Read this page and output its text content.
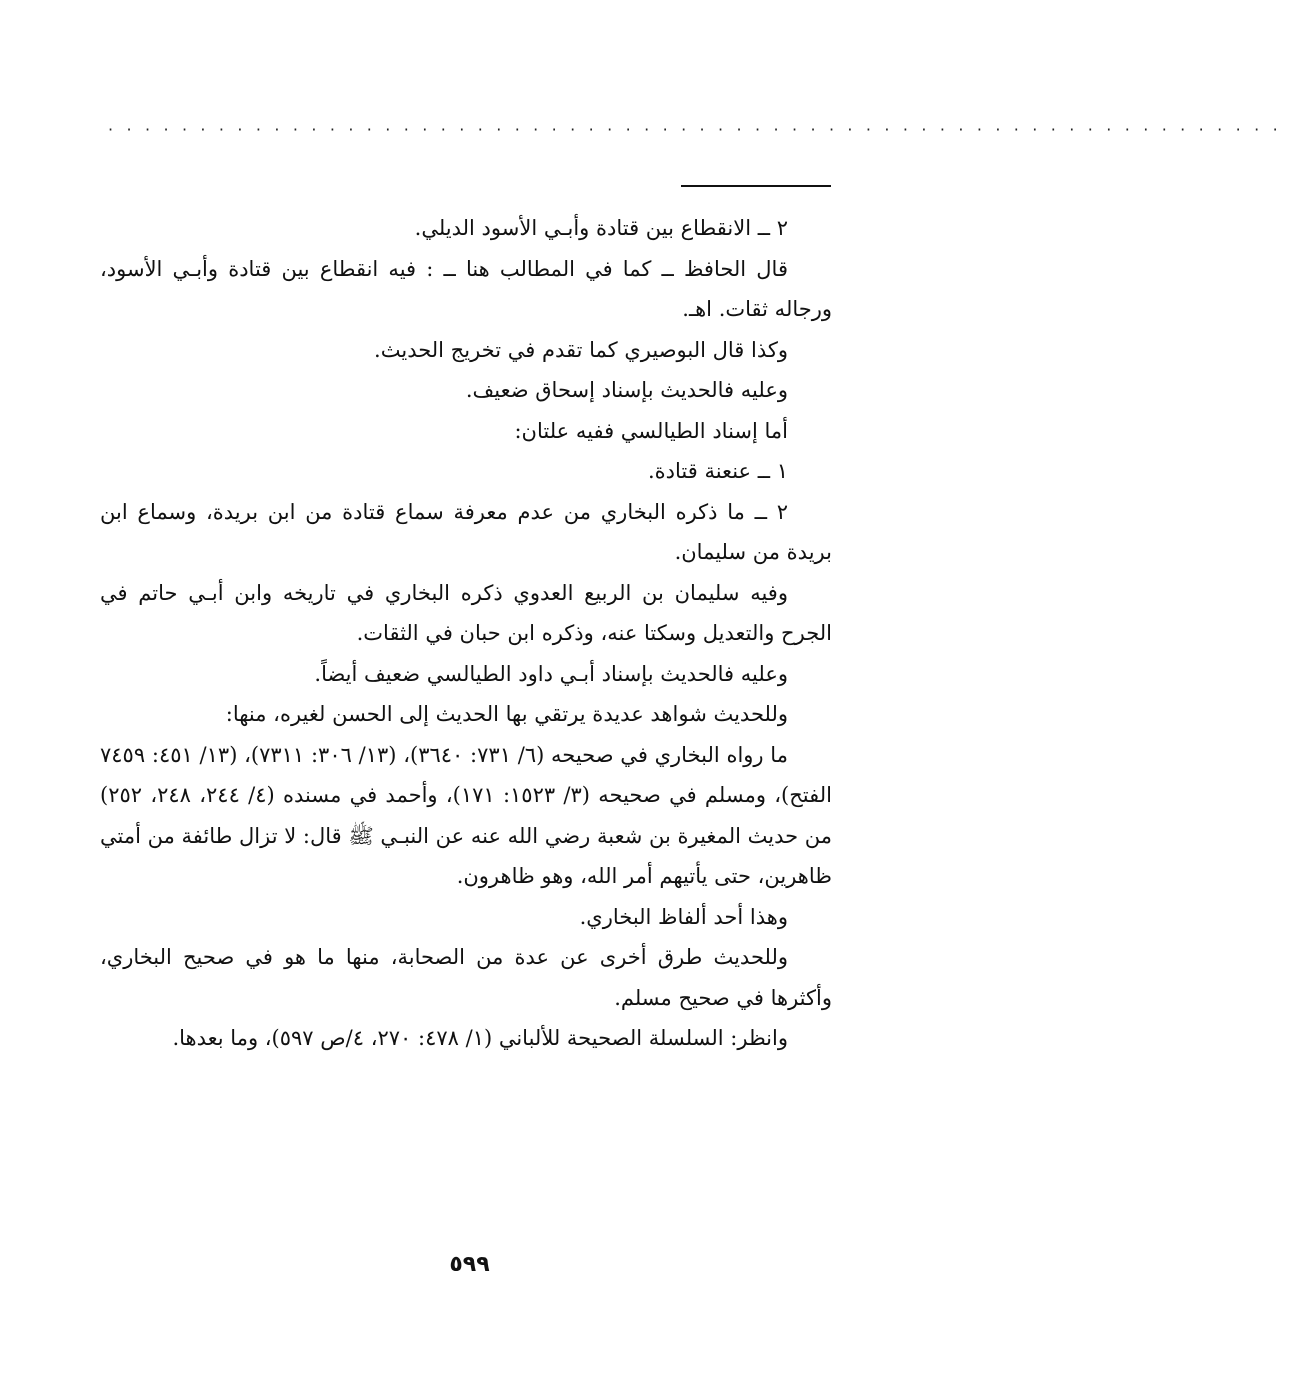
································································

٢ ــ الانقطاع بين قتادة وأبـي الأسود الديلي.

قال الحافظ ــ كما في المطالب هنا ــ : فيه انقطاع بين قتادة وأبـي الأسود، ورجاله ثقات. اهـ.

وكذا قال البوصيري كما تقدم في تخريج الحديث.

وعليه فالحديث بإسناد إسحاق ضعيف.

أما إسناد الطيالسي ففيه علتان:

١ ــ عنعنة قتادة.

٢ ــ ما ذكره البخاري من عدم معرفة سماع قتادة من ابن بريدة، وسماع ابن بريدة من سليمان.

وفيه سليمان بن الربيع العدوي ذكره البخاري في تاريخه وابن أبـي حاتم في الجرح والتعديل وسكتا عنه، وذكره ابن حبان في الثقات.

وعليه فالحديث بإسناد أبـي داود الطيالسي ضعيف أيضاً.

وللحديث شواهد عديدة يرتقي بها الحديث إلى الحسن لغيره، منها:

ما رواه البخاري في صحيحه (٦/ ٧٣١: ٣٦٤٠)، (١٣/ ٣٠٦: ٧٣١١)، (١٣/ ٤٥١: ٧٤٥٩ الفتح)، ومسلم في صحيحه (٣/ ١٥٢٣: ١٧١)، وأحمد في مسنده (٤/ ٢٤٤، ٢٤٨، ٢٥٢) من حديث المغيرة بن شعبة رضي الله عنه عن النبـي ﷺ قال: لا تزال طائفة من أمتي ظاهرين، حتى يأتيهم أمر الله، وهو ظاهرون.

وهذا أحد ألفاظ البخاري.

وللحديث طرق أخرى عن عدة من الصحابة، منها ما هو في صحيح البخاري، وأكثرها في صحيح مسلم.

وانظر: السلسلة الصحيحة للألباني (١/ ٤٧٨: ٢٧٠، ٤/ص ٥٩٧)، وما بعدها.

٥٩٩
